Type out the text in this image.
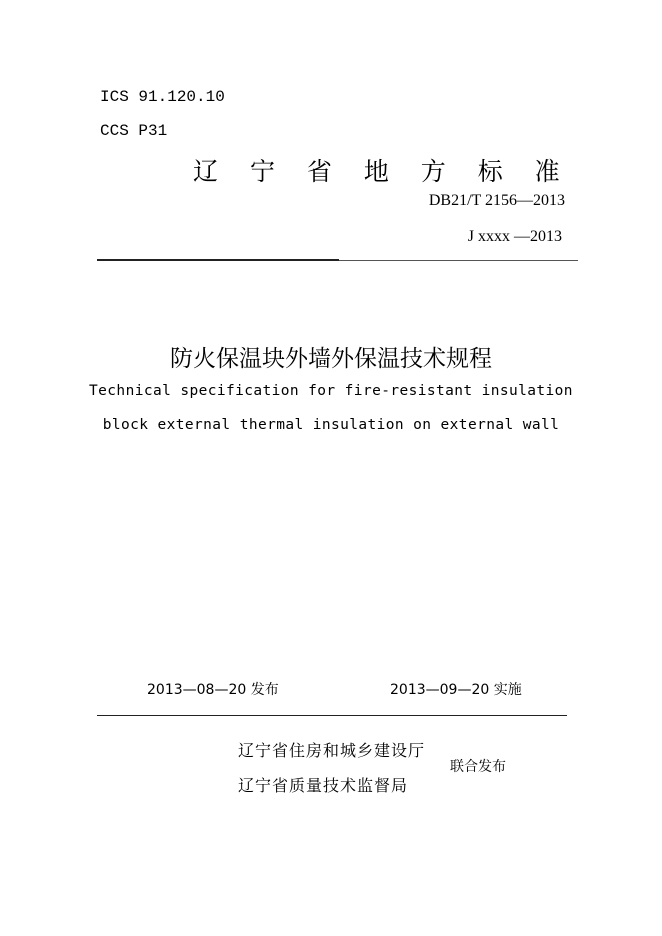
ICS 91.120.10
CCS P31
辽 宁 省 地 方 标 准
DB21/T 2156—2013
J xxxx —2013
防火保温块外墙外保温技术规程
Technical specification for fire-resistant insulation
block external thermal insulation on external wall
2013—08—20 发布	2013—09—20 实施
辽宁省住房和城乡建设厅
辽宁省质量技术监督局
联合发布
